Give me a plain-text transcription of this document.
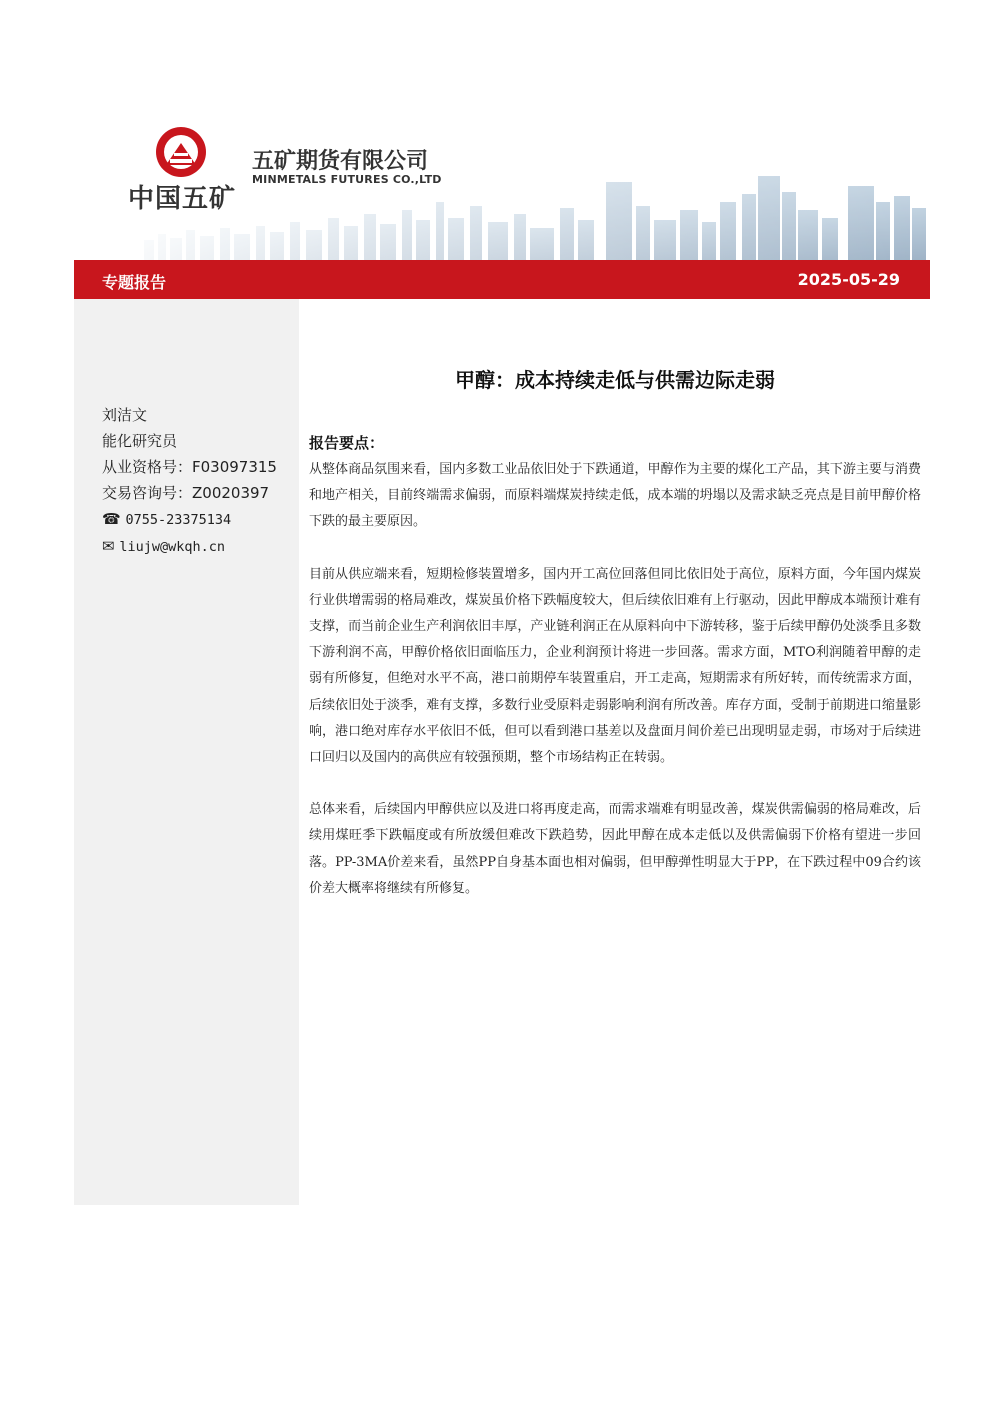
中国五矿
五矿期货有限公司
MINMETALS FUTURES CO.,LTD
专题报告	2025-05-29
刘洁文
能化研究员
从业资格号：F03097315
交易咨询号：Z0020397
☎ 0755-23375134
✉ liujw@wkqh.cn
甲醇：成本持续走低与供需边际走弱
报告要点：

从整体商品氛围来看，国内多数工业品依旧处于下跌通道，甲醇作为主要的煤化工产品，其下游主要与消费和地产相关，目前终端需求偏弱，而原料端煤炭持续走低，成本端的坍塌以及需求缺乏亮点是目前甲醇价格下跌的最主要原因。

目前从供应端来看，短期检修装置增多，国内开工高位回落但同比依旧处于高位，原料方面，今年国内煤炭行业供增需弱的格局难改，煤炭虽价格下跌幅度较大，但后续依旧难有上行驱动，因此甲醇成本端预计难有支撑，而当前企业生产利润依旧丰厚，产业链利润正在从原料向中下游转移，鉴于后续甲醇仍处淡季且多数下游利润不高，甲醇价格依旧面临压力，企业利润预计将进一步回落。需求方面，MTO利润随着甲醇的走弱有所修复，但绝对水平不高，港口前期停车装置重启，开工走高，短期需求有所好转，而传统需求方面，后续依旧处于淡季，难有支撑，多数行业受原料走弱影响利润有所改善。库存方面，受制于前期进口缩量影响，港口绝对库存水平依旧不低，但可以看到港口基差以及盘面月间价差已出现明显走弱，市场对于后续进口回归以及国内的高供应有较强预期，整个市场结构正在转弱。

总体来看，后续国内甲醇供应以及进口将再度走高，而需求端难有明显改善，煤炭供需偏弱的格局难改，后续用煤旺季下跌幅度或有所放缓但难改下跌趋势，因此甲醇在成本走低以及供需偏弱下价格有望进一步回落。PP-3MA价差来看，虽然PP自身基本面也相对偏弱，但甲醇弹性明显大于PP，在下跌过程中09合约该价差大概率将继续有所修复。
